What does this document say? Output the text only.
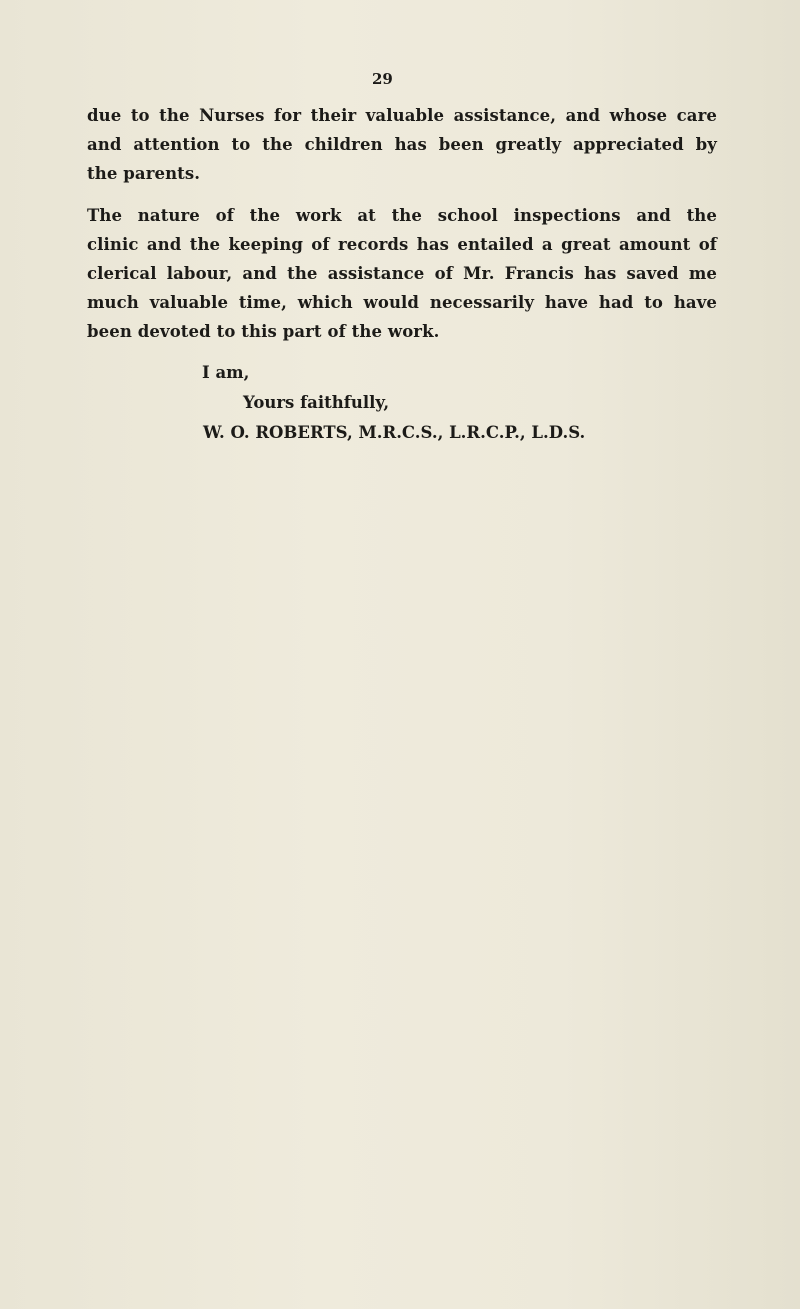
29
due to the Nurses for their valuable assistance, and whose care
and attention to the children has been greatly appreciated by
the parents.
The nature of the work at the school inspections and the
clinic and the keeping of records has entailed a great amount of
clerical labour, and the assistance of Mr. Francis has saved me
much valuable time, which would necessarily have had to have
been devoted to this part of the work.
I am,
Yours faithfully,
W. O. ROBERTS, M.R.C.S., L.R.C.P., L.D.S.
